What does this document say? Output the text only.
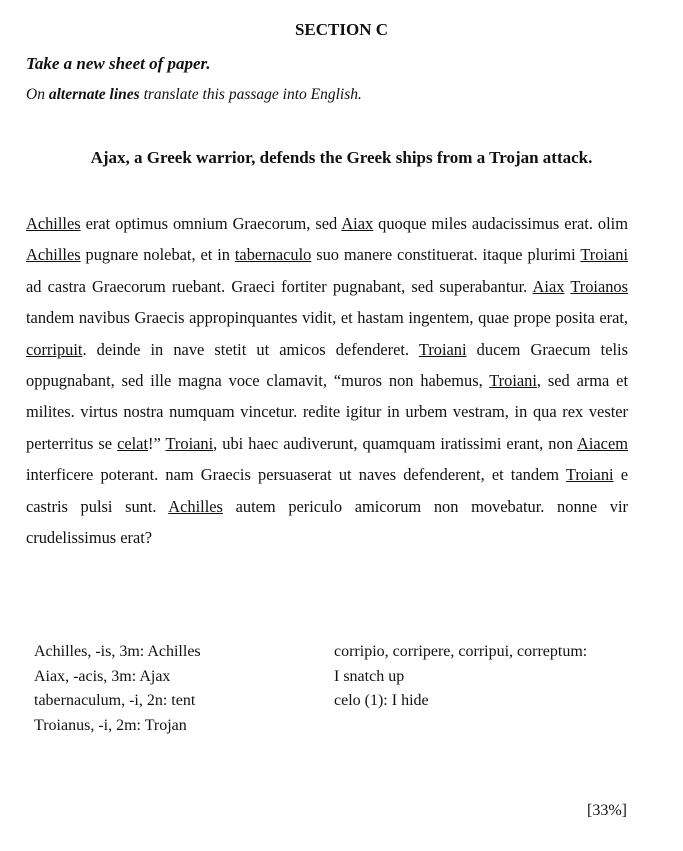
SECTION C
Take a new sheet of paper.
On alternate lines translate this passage into English.
Ajax, a Greek warrior, defends the Greek ships from a Trojan attack.
Achilles erat optimus omnium Graecorum, sed Aiax quoque miles audacissimus erat. olim Achilles pugnare nolebat, et in tabernaculo suo manere constituerat. itaque plurimi Troiani ad castra Graecorum ruebant. Graeci fortiter pugnabant, sed superabantur. Aiax Troianos tandem navibus Graecis appropinquantes vidit, et hastam ingentem, quae prope posita erat, corripuit. deinde in nave stetit ut amicos defenderet. Troiani ducem Graecum telis oppugnabant, sed ille magna voce clamavit, “muros non habemus, Troiani, sed arma et milites. virtus nostra numquam vincetur. redite igitur in urbem vestram, in qua rex vester perterritus se celat!” Troiani, ubi haec audiverunt, quamquam iratissimi erant, non Aiacem interficere poterant. nam Graecis persuaserat ut naves defenderent, et tandem Troiani e castris pulsi sunt. Achilles autem periculo amicorum non movebatur. nonne vir crudelissimus erat?
Achilles, -is, 3m: Achilles
Aiax, -acis, 3m: Ajax
tabernaculum, -i, 2n: tent
Troianus, -i, 2m: Trojan
corripio, corripere, corripui, correptum:
I snatch up
celo (1): I hide
[33%]
